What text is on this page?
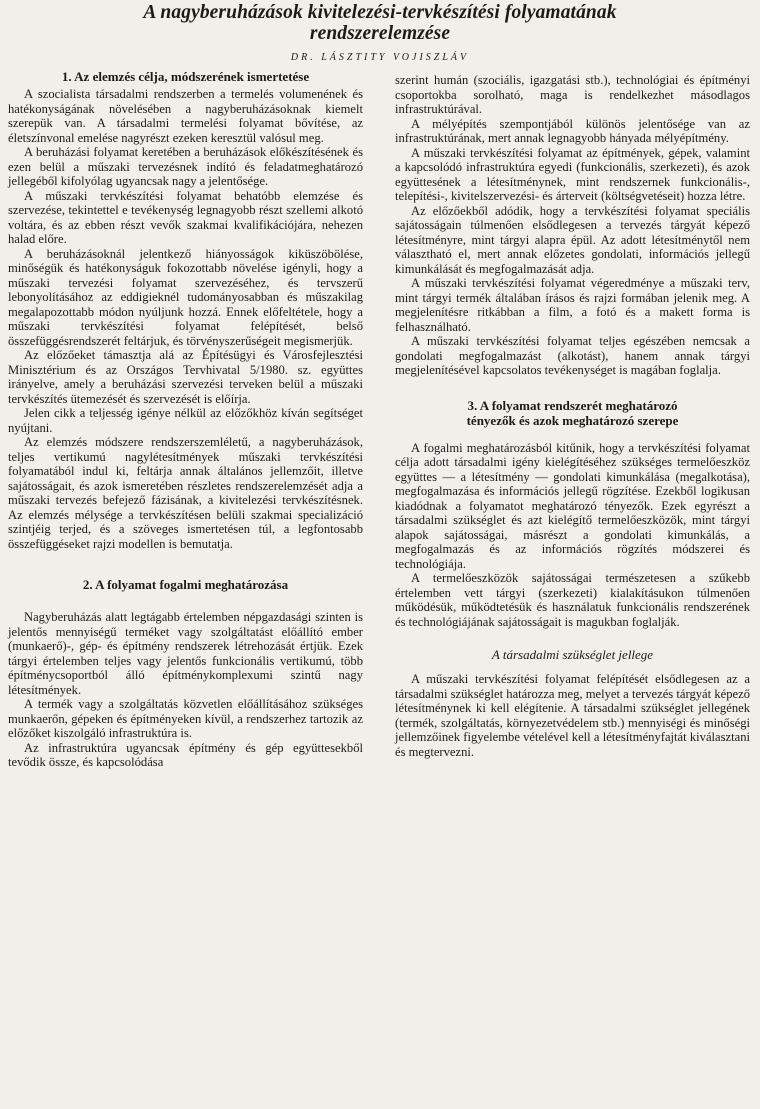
A nagyberuházások kivitelezési-tervkészítési folyamatának
rendszerelemzése
DR. LÁSZTITY VOJISZLÁV
1. Az elemzés célja, módszerének ismertetése

A szocialista társadalmi rendszerben a termelés volumenének és hatékonyságának növelésében a nagyberuházásoknak kiemelt szerepük van. A társadalmi termelési folyamat bővítése, az életszínvonal emelése nagyrészt ezeken keresztül valósul meg.

A beruházási folyamat keretében a beruházások előkészítésének és ezen belül a műszaki tervezésnek indító és feladatmeghatározó jellegéből kifolyólag ugyancsak nagy a jelentősége.

A műszaki tervkészítési folyamat behatóbb elemzése és szervezése, tekintettel e tevékenység legnagyobb részt szellemi alkotó voltára, és az ebben részt vevők szakmai kvalifikációjára, nehezen halad előre.

A beruházásoknál jelentkező hiányosságok kiküszöbölése, minőségük és hatékonyságuk fokozottabb növelése igényli, hogy a műszaki tervezési folyamat szervezéséhez, és tervszerű lebonyolításához az eddigieknél tudományosabban és műszakilag megalapozottabb módon nyúljunk hozzá. Ennek előfeltétele, hogy a műszaki tervkészítési folyamat felépítését, belső összefüggésrendszerét feltárjuk, és törvényszerűségeit megismerjük.

Az előzőeket támasztja alá az Építésügyi és Városfejlesztési Minisztérium és az Országos Tervhivatal 5/1980. sz. együttes irányelve, amely a beruházási szervezési terveken belül a műszaki tervkészítés ütemezését és szervezését is előírja.

Jelen cikk a teljesség igénye nélkül az előzőkhöz kíván segítséget nyújtani.

Az elemzés módszere rendszerszemléletű, a nagyberuházások, teljes vertikumú nagylétesítmények műszaki tervkészítési folyamatából indul ki, feltárja annak általános jellemzőit, illetve sajátosságait, és azok ismeretében részletes rendszerelemzését adja a műszaki tervezés befejező fázisának, a kivitelezési tervkészítésnek. Az elemzés mélysége a tervkészítésen belüli szakmai specializáció szintjéig terjed, és a szöveges ismertetésen túl, a legfontosabb összefüggéseket rajzi modellen is bemutatja.

2. A folyamat fogalmi meghatározása

Nagyberuházás alatt legtágabb értelemben népgazdasági szinten is jelentős mennyiségű terméket vagy szolgáltatást előállító ember (munkaerő)-, gép- és építmény rendszerek létrehozását értjük. Ezek tárgyi értelemben teljes vagy jelentős funkcionális vertikumú, több építménycsoportból álló építménykomplexumi szintű nagy létesítmények.

A termék vagy a szolgáltatás közvetlen előállításához szükséges munkaerőn, gépeken és építményeken kívül, a rendszerhez tartozik az előzőket kiszolgáló infrastruktúra is.

Az infrastruktúra ugyancsak építmény és gép együttesekből tevődik össze, és kapcsolódása

szerint humán (szociális, igazgatási stb.), technológiai és építményi csoportokba sorolható, maga is rendelkezhet másodlagos infrastruktúrával.

A mélyépítés szempontjából különös jelentősége van az infrastruktúrának, mert annak legnagyobb hányada mélyépítmény.

A műszaki tervkészítési folyamat az építmények, gépek, valamint a kapcsolódó infrastruktúra egyedi (funkcionális, szerkezeti), és azok együttesének a létesítménynek, mint rendszernek funkcionális-, telepítési-, kivitelszervezési- és árterveit (költségvetéseit) hozza létre.

Az előzőekből adódik, hogy a tervkészítési folyamat speciális sajátosságain túlmenően elsődlegesen a tervezés tárgyát képező létesítményre, mint tárgyi alapra épül. Az adott létesítménytől nem választható el, mert annak előzetes gondolati, információs jellegű kimunkálását és megfogalmazását adja.

A műszaki tervkészítési folyamat végeredménye a műszaki terv, mint tárgyi termék általában írásos és rajzi formában jelenik meg. A megjelenítésre ritkábban a film, a fotó és a makett forma is felhasználható.

A műszaki tervkészítési folyamat teljes egészében nemcsak a gondolati megfogalmazást (alkotást), hanem annak tárgyi megjelenítésével kapcsolatos tevékenységet is magában foglalja.

3. A folyamat rendszerét meghatározó
tényezők és azok meghatározó szerepe

A fogalmi meghatározásból kitűnik, hogy a tervkészítési folyamat célja adott társadalmi igény kielégítéséhez szükséges termelőeszköz együttes — a létesítmény — gondolati kimunkálása (megalkotása), megfogalmazása és információs jellegű rögzítése. Ezekből logikusan kiadódnak a folyamatot meghatározó tényezők. Ezek egyrészt a társadalmi szükséglet és azt kielégítő termelőeszközök, mint tárgyi alapok sajátosságai, másrészt a gondolati kimunkálás, a megfogalmazás és az információs rögzítés módszerei és technológiája.

A termelőeszközök sajátosságai természetesen a szűkebb értelemben vett tárgyi (szerkezeti) kialakításukon túlmenően működésük, működtetésük és használatuk funkcionális rendszerének és technológiájának sajátosságait is magukban foglalják.

A társadalmi szükséglet jellege

A műszaki tervkészítési folyamat felépítését elsődlegesen az a társadalmi szükséglet határozza meg, melyet a tervezés tárgyát képező létesítménynek ki kell elégítenie. A társadalmi szükséglet jellegének (termék, szolgáltatás, környezetvédelem stb.) mennyiségi és minőségi jellemzőinek figyelembe vételével kell a létesítményfajtát kiválasztani és megtervezni.
